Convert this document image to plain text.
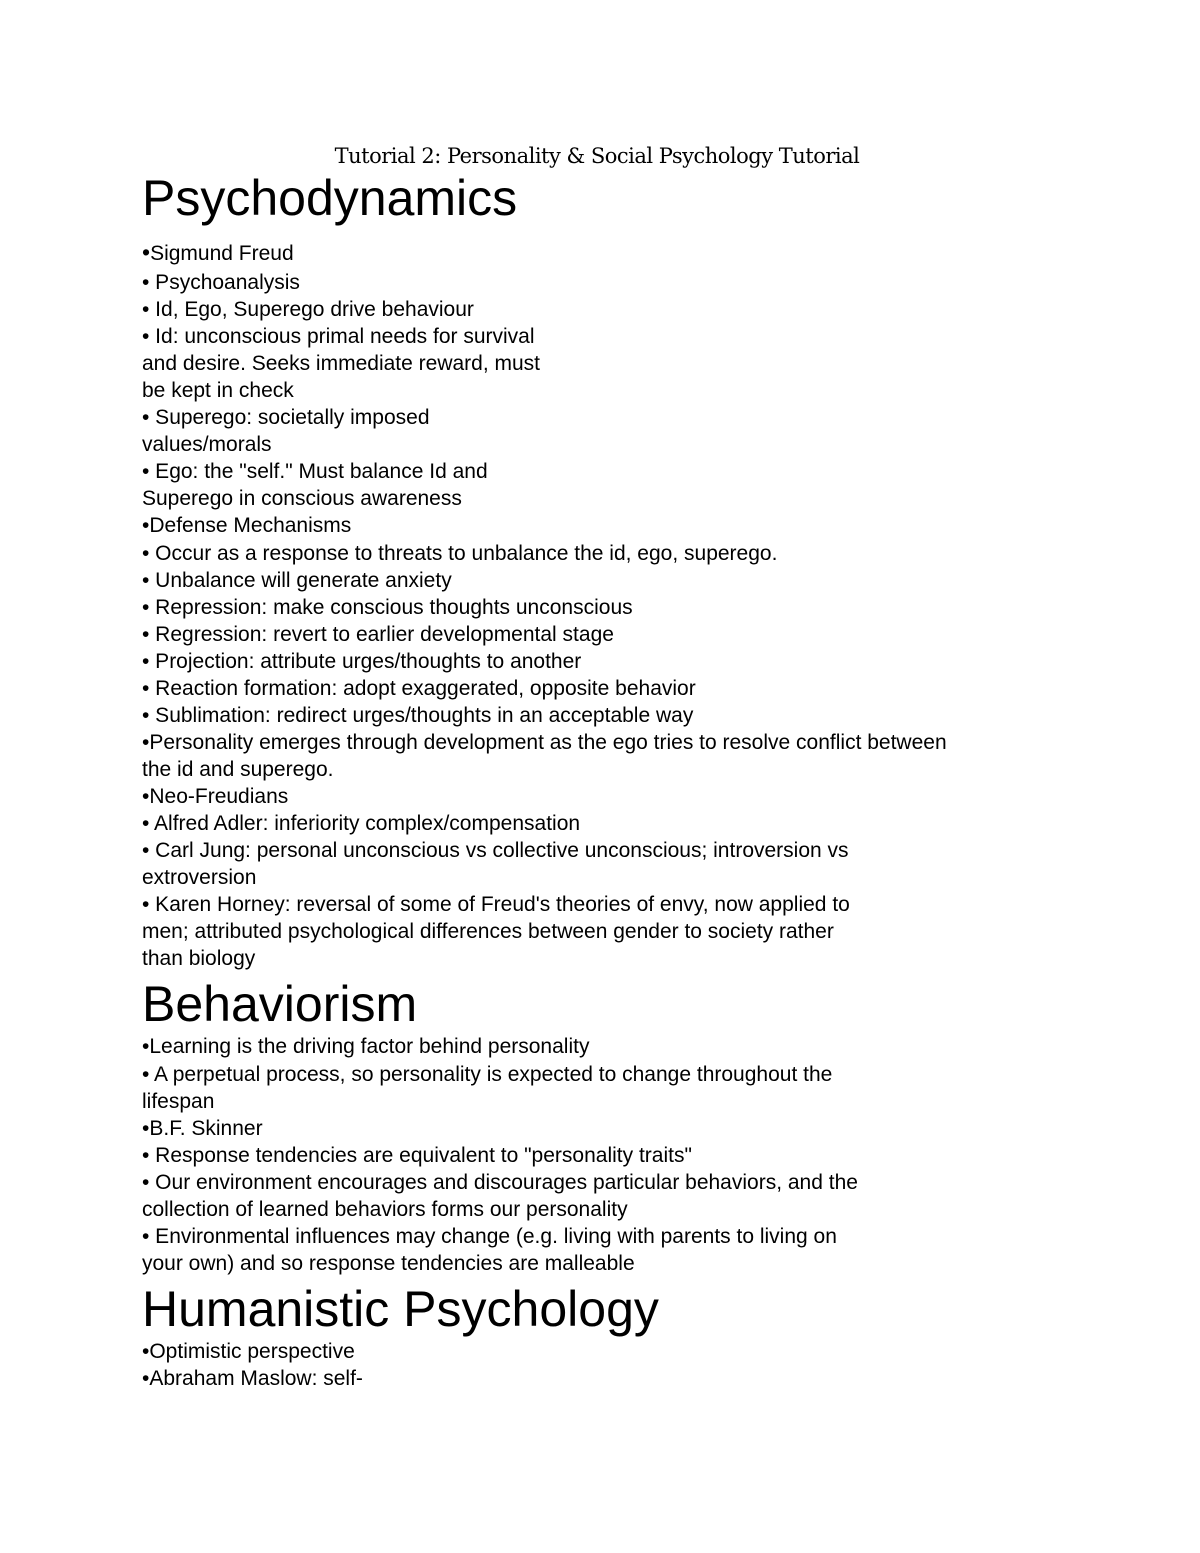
Tutorial 2: Personality & Social Psychology Tutorial
Psychodynamics
•Sigmund Freud
• Psychoanalysis
• Id, Ego, Superego drive behaviour
• Id: unconscious primal needs for survival
and desire. Seeks immediate reward, must
be kept in check
• Superego: societally imposed
values/morals
• Ego: the "self." Must balance Id and
Superego in conscious awareness
•Defense Mechanisms
• Occur as a response to threats to unbalance the id, ego, superego.
• Unbalance will generate anxiety
• Repression: make conscious thoughts unconscious
• Regression: revert to earlier developmental stage
• Projection: attribute urges/thoughts to another
• Reaction formation: adopt exaggerated, opposite behavior
• Sublimation: redirect urges/thoughts in an acceptable way
•Personality emerges through development as the ego tries to resolve conflict between
the id and superego.
•Neo-Freudians
• Alfred Adler: inferiority complex/compensation
• Carl Jung: personal unconscious vs collective unconscious; introversion vs
extroversion
• Karen Horney: reversal of some of Freud's theories of envy, now applied to
men; attributed psychological differences between gender to society rather
than biology
Behaviorism
•Learning is the driving factor behind personality
• A perpetual process, so personality is expected to change throughout the
lifespan
•B.F. Skinner
• Response tendencies are equivalent to "personality traits"
• Our environment encourages and discourages particular behaviors, and the
collection of learned behaviors forms our personality
• Environmental influences may change (e.g. living with parents to living on
your own) and so response tendencies are malleable
Humanistic Psychology
•Optimistic perspective
•Abraham Maslow: self-
